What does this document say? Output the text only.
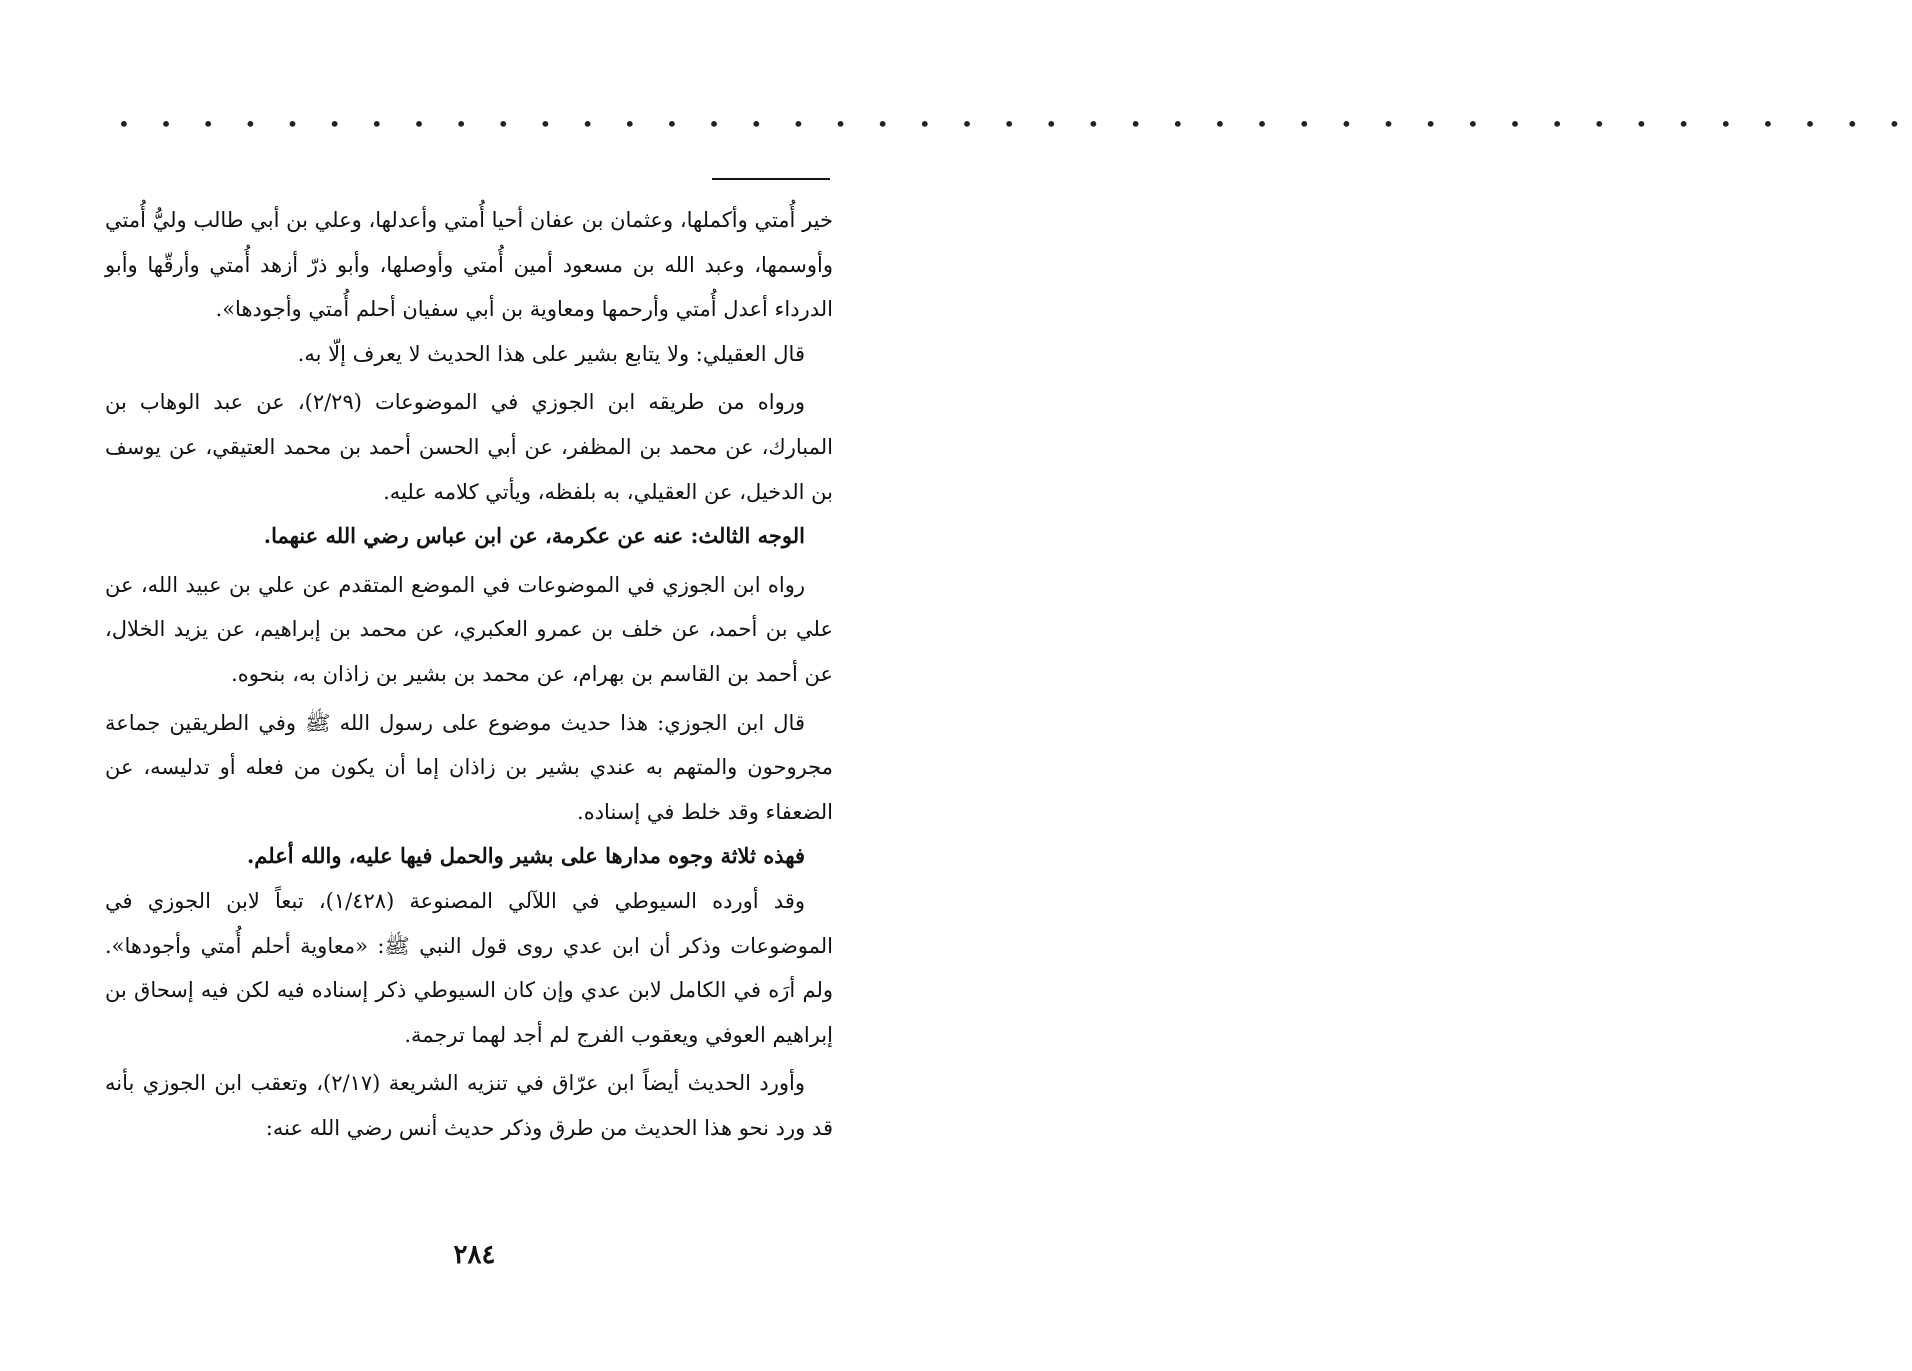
• • • • • • • • • • • • • • • • • • • • • • • • • • • • • • • • • • • • • • • • • • •

خير أُمتي وأكملها، وعثمان بن عفان أحيا أُمتي وأعدلها، وعلي بن أبي طالب وليُّ أُمتي وأوسمها، وعبد الله بن مسعود أمين أُمتي وأوصلها، وأبو ذرّ أزهد أُمتي وأرقّها وأبو الدرداء أعدل أُمتي وأرحمها ومعاوية بن أبي سفيان أحلم أُمتي وأجودها».

قال العقيلي: ولا يتابع بشير على هذا الحديث لا يعرف إلّا به.

ورواه من طريقه ابن الجوزي في الموضوعات (٢/٢٩)، عن عبد الوهاب بن المبارك، عن محمد بن المظفر، عن أبي الحسن أحمد بن محمد العتيقي، عن يوسف بن الدخيل، عن العقيلي، به بلفظه، ويأتي كلامه عليه.

الوجه الثالث: عنه عن عكرمة، عن ابن عباس رضي الله عنهما.

رواه ابن الجوزي في الموضوعات في الموضع المتقدم عن علي بن عبيد الله، عن علي بن أحمد، عن خلف بن عمرو العكبري، عن محمد بن إبراهيم، عن يزيد الخلال، عن أحمد بن القاسم بن بهرام، عن محمد بن بشير بن زاذان به، بنحوه.

قال ابن الجوزي: هذا حديث موضوع على رسول الله ﷺ وفي الطريقين جماعة مجروحون والمتهم به عندي بشير بن زاذان إما أن يكون من فعله أو تدليسه، عن الضعفاء وقد خلط في إسناده.

فهذه ثلاثة وجوه مدارها على بشير والحمل فيها عليه، والله أعلم.

وقد أورده السيوطي في اللآلي المصنوعة (١/٤٢٨)، تبعاً لابن الجوزي في الموضوعات وذكر أن ابن عدي روى قول النبي ﷺ: «معاوية أحلم أُمتي وأجودها». ولم أرَه في الكامل لابن عدي وإن كان السيوطي ذكر إسناده فيه لكن فيه إسحاق بن إبراهيم العوفي ويعقوب الفرج لم أجد لهما ترجمة.

وأورد الحديث أيضاً ابن عرّاق في تنزيه الشريعة (٢/١٧)، وتعقب ابن الجوزي بأنه قد ورد نحو هذا الحديث من طرق وذكر حديث أنس رضي الله عنه:

٢٨٤
